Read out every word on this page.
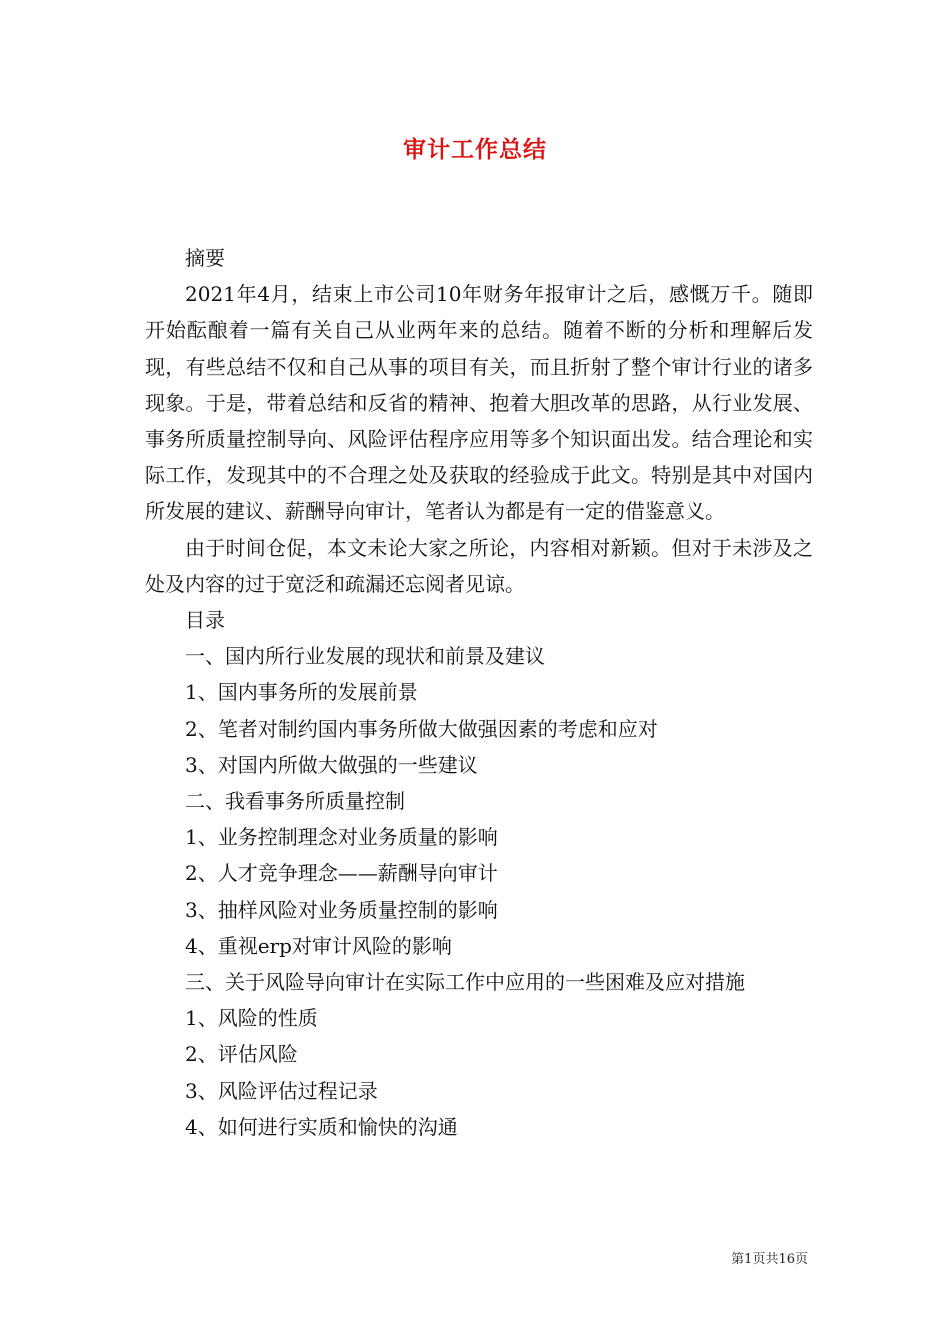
审计工作总结

摘要

2021年4月，结束上市公司10年财务年报审计之后，感慨万千。随即开始酝酿着一篇有关自己从业两年来的总结。随着不断的分析和理解后发现，有些总结不仅和自己从事的项目有关，而且折射了整个审计行业的诸多现象。于是，带着总结和反省的精神、抱着大胆改革的思路，从行业发展、事务所质量控制导向、风险评估程序应用等多个知识面出发。结合理论和实际工作，发现其中的不合理之处及获取的经验成于此文。特别是其中对国内所发展的建议、薪酬导向审计，笔者认为都是有一定的借鉴意义。

由于时间仓促，本文未论大家之所论，内容相对新颖。但对于未涉及之处及内容的过于宽泛和疏漏还忘阅者见谅。

目录

一、国内所行业发展的现状和前景及建议

1、国内事务所的发展前景

2、笔者对制约国内事务所做大做强因素的考虑和应对

3、对国内所做大做强的一些建议

二、我看事务所质量控制

1、业务控制理念对业务质量的影响

2、人才竞争理念——薪酬导向审计

3、抽样风险对业务质量控制的影响

4、重视erp对审计风险的影响

三、关于风险导向审计在实际工作中应用的一些困难及应对措施

1、风险的性质

2、评估风险

3、风险评估过程记录

4、如何进行实质和愉快的沟通

第1页共16页
